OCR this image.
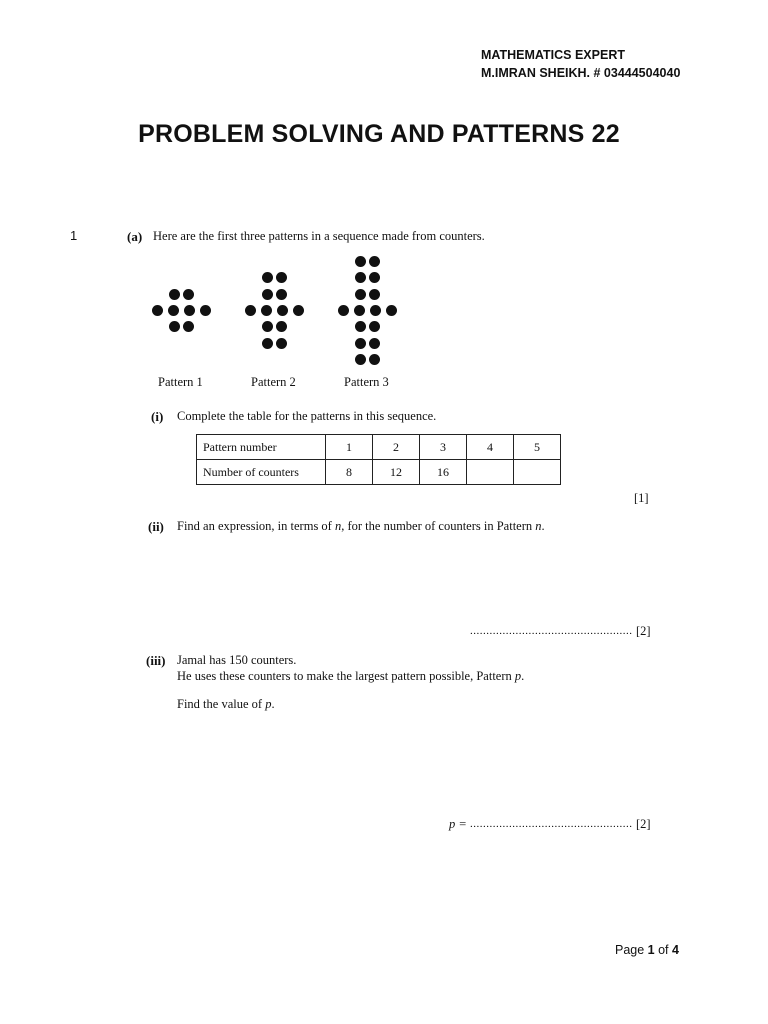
MATHEMATICS EXPERT
M.IMRAN SHEIKH. # 03444504040
PROBLEM SOLVING AND PATTERNS 22
1	(a) Here are the first three patterns in a sequence made from counters.
Pattern 1	Pattern 2	Pattern 3
(i) Complete the table for the patterns in this sequence.
Pattern number	1	2	3	4	5
Number of counters	8	12	16		
[1]
(ii) Find an expression, in terms of n, for the number of counters in Pattern n.
.................................................. [2]
(iii) Jamal has 150 counters.
He uses these counters to make the largest pattern possible, Pattern p.
Find the value of p.
p = .................................................. [2]
Page 1 of 4
